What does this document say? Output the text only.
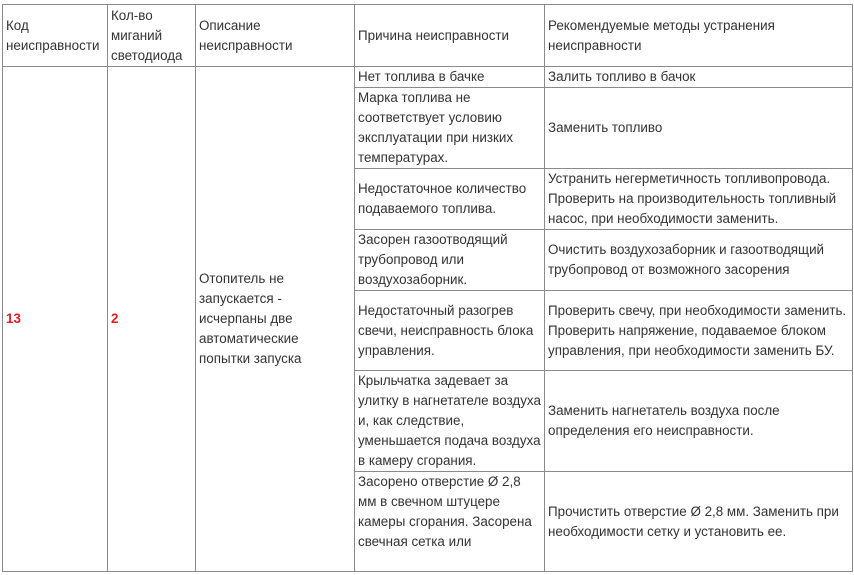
Код неисправности	Кол-во миганий светодиода	Описание неисправности	Причина неисправности	Рекомендуемые методы устранения неисправности
13	2	Отопитель не запускается - исчерпаны две автоматические попытки запуска	Нет топлива в бачке	Залить топливо в бачок
			Марка топлива не соответствует условию эксплуатации при низких температурах.	Заменить топливо
			Недостаточное количество подаваемого топлива.	Устранить негерметичность топливопровода. Проверить на производительность топливный насос, при необходимости заменить.
			Засорен газоотводящий трубопровод или воздухозаборник.	Очистить воздухозаборник и газоотводящий трубопровод от возможного засорения
			Недостаточный разогрев свечи, неисправность блока управления.	Проверить свечу, при необходимости заменить. Проверить напряжение, подаваемое блоком управления, при необходимости заменить БУ.
			Крыльчатка задевает за улитку в нагнетателе воздуха и, как следствие, уменьшается подача воздуха в камеру сгорания.	Заменить нагнетатель воздуха после определения его неисправности.
			Засорено отверстие Ø 2,8 мм в свечном штуцере камеры сгорания. Засорена свечная сетка или	Прочистить отверстие Ø 2,8 мм. Заменить при необходимости сетку и установить ее.
